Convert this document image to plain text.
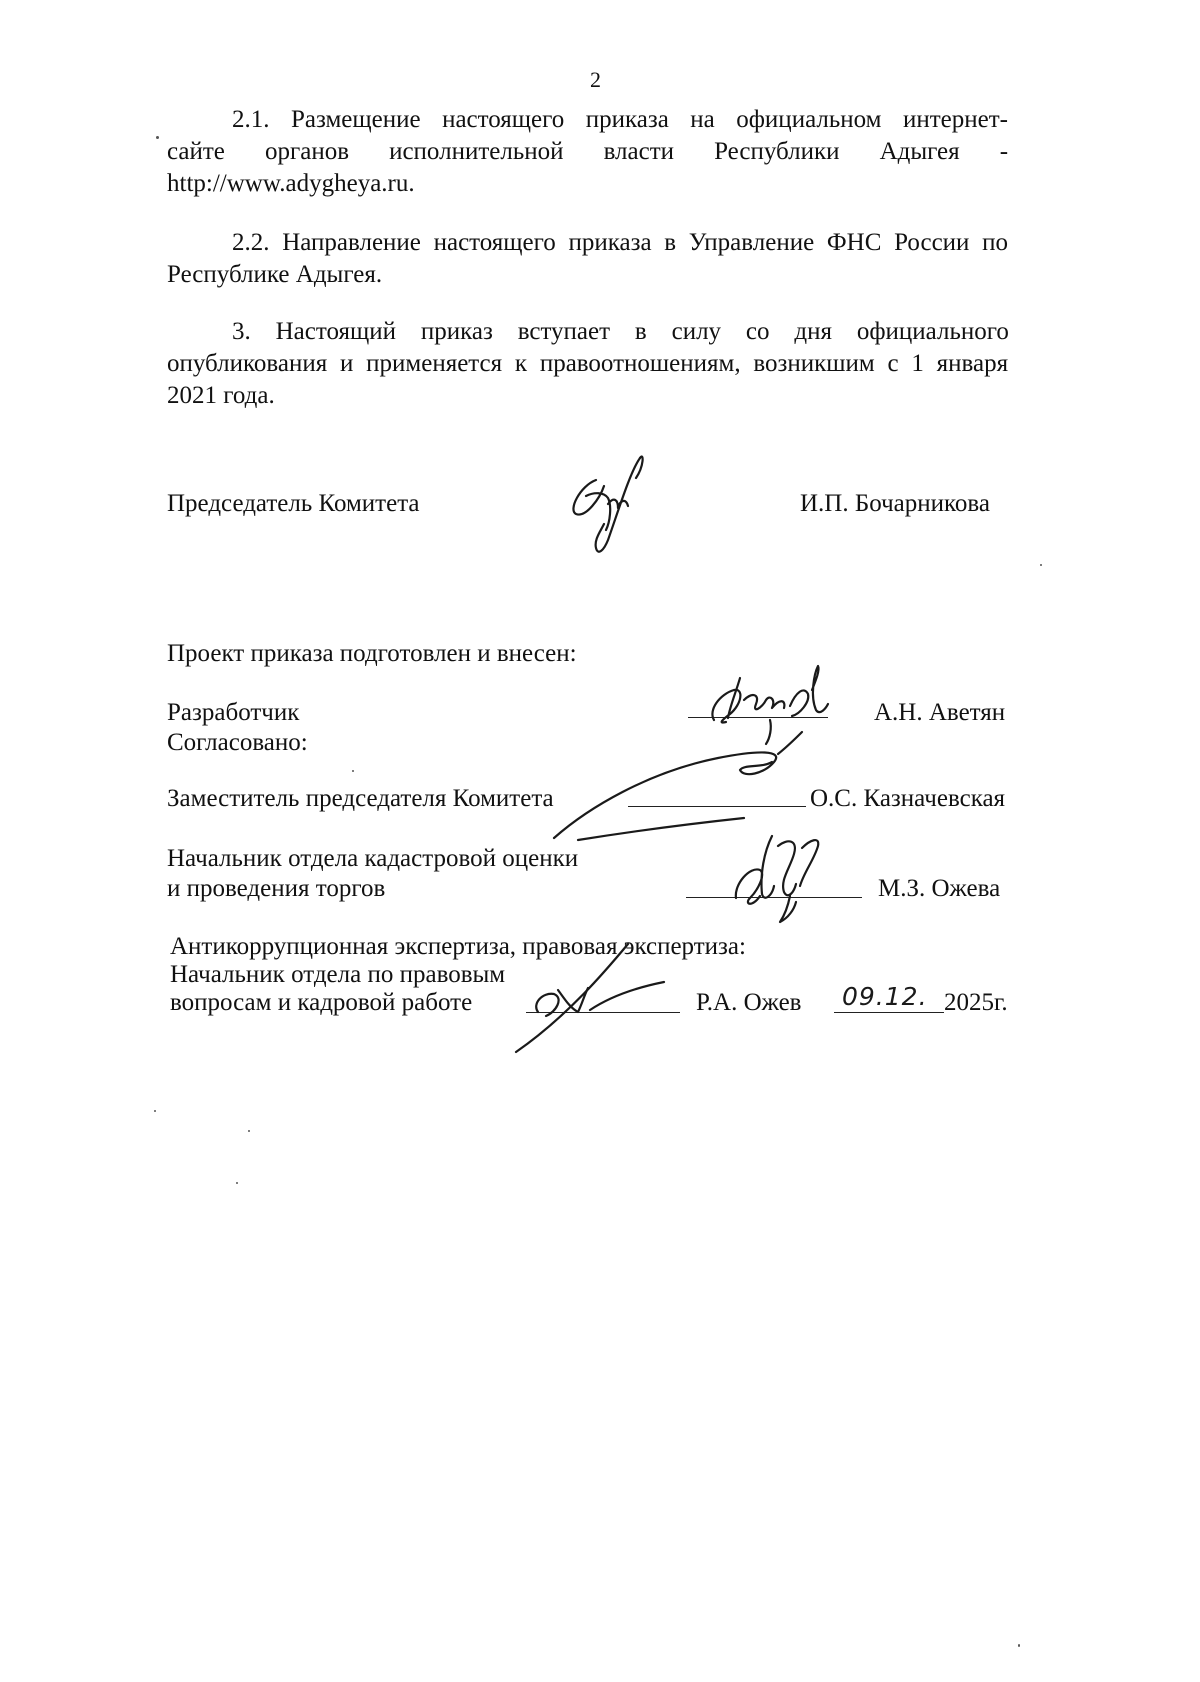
2
2.1. Размещение настоящего приказа на официальном интернет-
сайте органов исполнительной власти Республики Адыгея -
http://www.adygheya.ru.
2.2. Направление настоящего приказа в Управление ФНС России по
Республике Адыгея.
3. Настоящий приказ вступает в силу со дня официального
опубликования и применяется к правоотношениям, возникшим с 1 января
2021 года.
Председатель Комитета	И.П. Бочарникова
Проект приказа подготовлен и внесен:
Разработчик	А.Н. Аветян
Согласовано:
Заместитель председателя Комитета	О.С. Казначевская
Начальник отдела кадастровой оценки
и проведения торгов	М.З. Ожева
Антикоррупционная экспертиза, правовая экспертиза:
Начальник отдела по правовым
вопросам и кадровой работе	Р.А. Ожев 09.12. 2025г.
